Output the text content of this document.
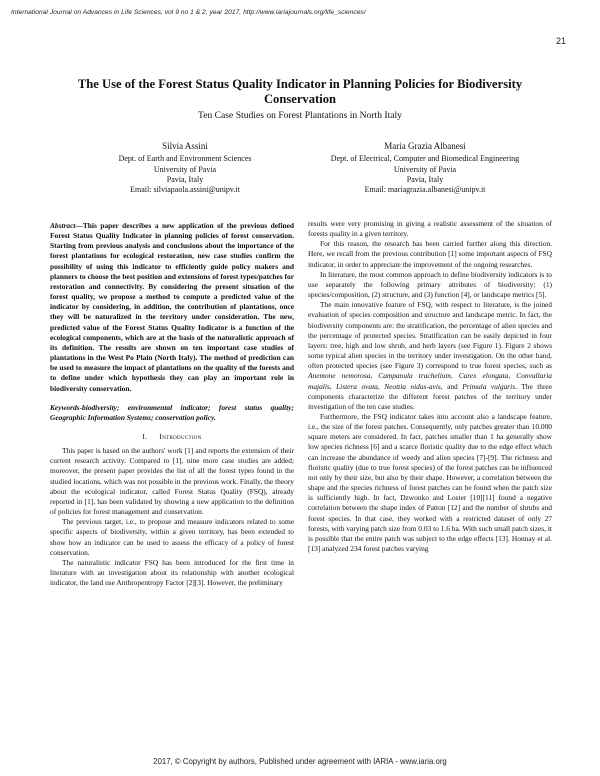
International Journal on Advances in Life Sciences, vol 9 no 1 & 2, year 2017, http://www.iariajournals.org/life_sciences/
21
The Use of the Forest Status Quality Indicator in Planning Policies for Biodiversity Conservation
Ten Case Studies on Forest Plantations in North Italy
Silvia Assini
Dept. of Earth and Environment Sciences
University of Pavia
Pavia, Italy
Email: silviapaola.assini@unipv.it
Maria Grazia Albanesi
Dept. of Electrical, Computer and Biomedical Engineering
University of Pavia
Pavia, Italy
Email: mariagrazia.albanesi@unipv.it

Abstract—This paper describes a new application of the previous defined Forest Status Quality Indicator in planning policies of forest conservation. Starting from previous analysis and conclusions about the importance of the forest plantations for ecological restoration, new case studies confirm the possibility of using this indicator to efficiently guide policy makers and planners to choose the best position and extensions of forest types/patches for restoration and connectivity. By considering the present situation of the forest quality, we propose a method to compute a predicted value of the indicator by considering, in addition, the contribution of plantations, once they will be naturalized in the territory under consideration. The new, predicted value of the Forest Status Quality Indicator is a function of the ecological components, which are at the basis of the naturalistic approach of its definition. The results are shown on ten important case studies of plantations in the West Po Plain (North Italy). The method of prediction can be used to measure the impact of plantations on the quality of the forests and to define under which hypothesis they can play an important role in biodiversity conservation.

Keywords-biodiversity; environmental indicator; forest status quality; Geographic Information Systems; conservation policy.

I. Introduction

This paper is based on the authors' work [1] and reports the extension of their current research activity. Compared to [1], nine more case studies are added; moreover, the present paper provides the list of all the forest types found in the studied locations, which was not possible in the previous work. Finally, the theory about the ecological indicator, called Forest Status Quality (FSQ), already reported in [1], has been validated by showing a new application to the definition of policies for forest management and conservation.

The previous target, i.e., to propose and measure indicators related to some specific aspects of biodiversity, within a given territory, has been extended to show how an indicator can be used to assess the efficacy of a policy of forest conservation.

The naturalistic indicator FSQ has been introduced for the first time in literature with an investigation about its relationship with another ecological indicator, the land use Anthropentropy Factor [2][3]. However, the preliminary

results were very promising in giving a realistic assessment of the situation of forests quality in a given territory.

For this reason, the research has been carried further along this direction. Here, we recall from the previous contribution [1] some important aspects of FSQ indicator, in order to appreciate the improvement of the ongoing researches.

In literature, the most common approach to define biodiversity indicators is to use separately the following primary attributes of biodiversity: (1) species/composition, (2) structure, and (3) function [4], or landscape metrics [5].

The main innovative feature of FSQ, with respect to literature, is the joined evaluation of species composition and structure and landscape metric. In fact, the biodiversity components are: the stratification, the percentage of alien species and the percentage of protected species. Stratification can be easily depicted in four layers: tree, high and low shrub, and herb layers (see Figure 1). Figure 2 shows some typical alien species in the territory under investigation. On the other hand, often protected species (see Figure 3) correspond to true forest species, such as Anemone nemorosa, Campanula trachelium, Carex elongata, Convallaria majalis, Listera ovata, Neottia nidus-avis, and Primula vulgaris. The three components characterize the different forest patches of the territory under investigation of the ten case studies.

Furthermore, the FSQ indicator takes into account also a landscape feature, i.e., the size of the forest patches. Consequently, only patches greater than 10.000 square meters are considered. In fact, patches smaller than 1 ha generally show low species richness [6] and a scarce floristic quality due to the edge effect which can increase the abundance of weedy and alien species [7]-[9]. The richness and floristic quality (due to true forest species) of the forest patches can be influenced not only by their size, but also by their shape. However, a correlation between the shape and the species richness of forest patches can be found when the patch size is sufficiently high. In fact, Dzwonko and Loster [10][11] found a negative correlation between the shape index of Patton [12] and the number of shrubs and forest species. In that case, they worked with a restricted dataset of only 27 forests, with varying patch size from 0.03 to 1.6 ha. With such small patch sizes, it is possible that the entire patch was subject to the edge effects [13]. Honnay et al. [13] analyzed 234 forest patches varying

2017, © Copyright by authors, Published under agreement with IARIA - www.iaria.org
